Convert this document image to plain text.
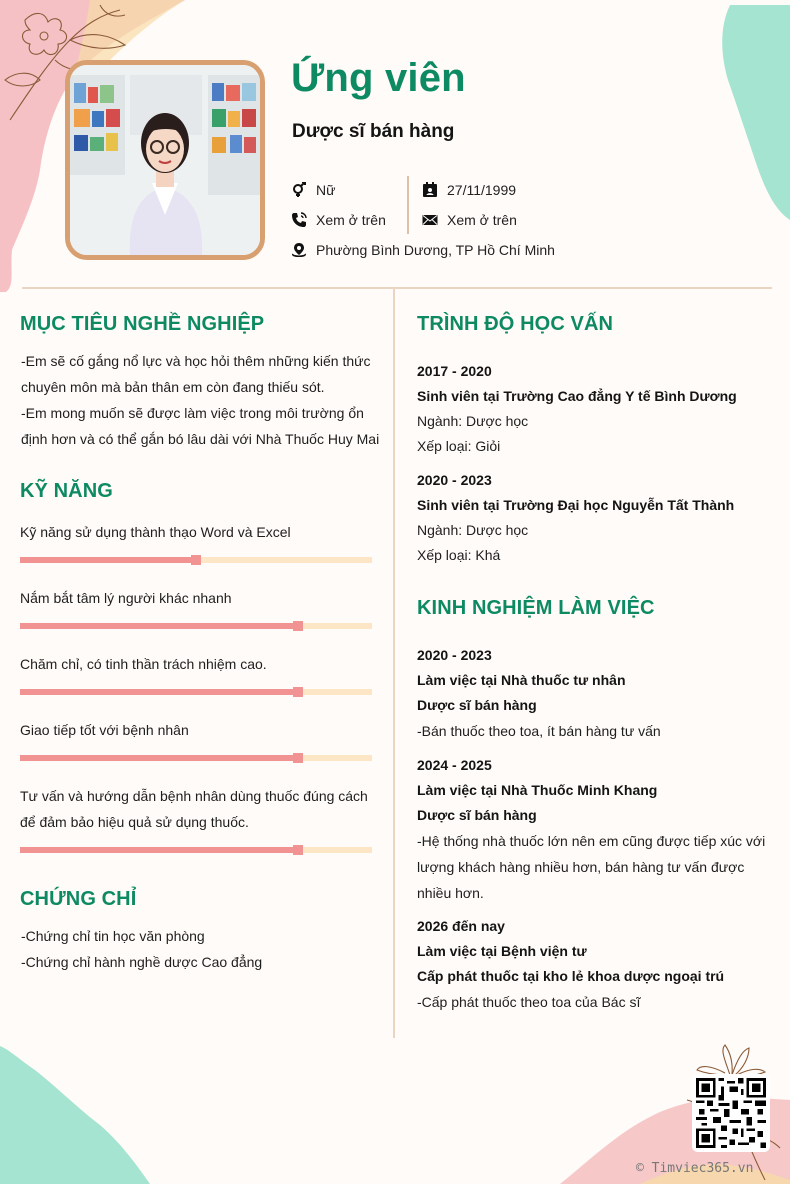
Ứng viên
Dược sĩ bán hàng
Nữ
Xem ở trên
27/11/1999
Xem ở trên
Phường Bình Dương, TP Hồ Chí Minh
MỤC TIÊU NGHỀ NGHIỆP

-Em sẽ cố gắng nổ lực và học hỏi thêm những kiến thức chuyên môn mà bản thân em còn đang thiếu sót.

-Em mong muốn sẽ được làm việc trong môi trường ổn định hơn và có thể gắn bó lâu dài với Nhà Thuốc Huy Mai

KỸ NĂNG
Kỹ năng sử dụng thành thạo Word và Excel
Nắm bắt tâm lý người khác nhanh
Chăm chỉ, có tinh thần trách nhiệm cao.
Giao tiếp tốt với bệnh nhân
Tư vấn và hướng dẫn bệnh nhân dùng thuốc đúng cách để đảm bảo hiệu quả sử dụng thuốc.
CHỨNG CHỈ

-Chứng chỉ tin học văn phòng

-Chứng chỉ hành nghề dược Cao đẳng

TRÌNH ĐỘ HỌC VẤN
2017 - 2020
Sinh viên tại Trường Cao đẳng Y tế Bình Dương
Ngành: Dược học
Xếp loại: Giỏi
2020 - 2023
Sinh viên tại Trường Đại học Nguyễn Tất Thành
Ngành: Dược học
Xếp loại: Khá
KINH NGHIỆM LÀM VIỆC
2020 - 2023
Làm việc tại Nhà thuốc tư nhân
Dược sĩ bán hàng
-Bán thuốc theo toa, ít bán hàng tư vấn
2024 - 2025
Làm việc tại Nhà Thuốc Minh Khang
Dược sĩ bán hàng
-Hệ thống nhà thuốc lớn nên em cũng được tiếp xúc với lượng khách hàng nhiều hơn, bán hàng tư vấn được nhiều hơn.
2026 đến nay
Làm việc tại Bệnh viện tư
Cấp phát thuốc tại kho lẻ khoa dược ngoại trú
-Cấp phát thuốc theo toa của Bác sĩ
© Timviec365.vn
